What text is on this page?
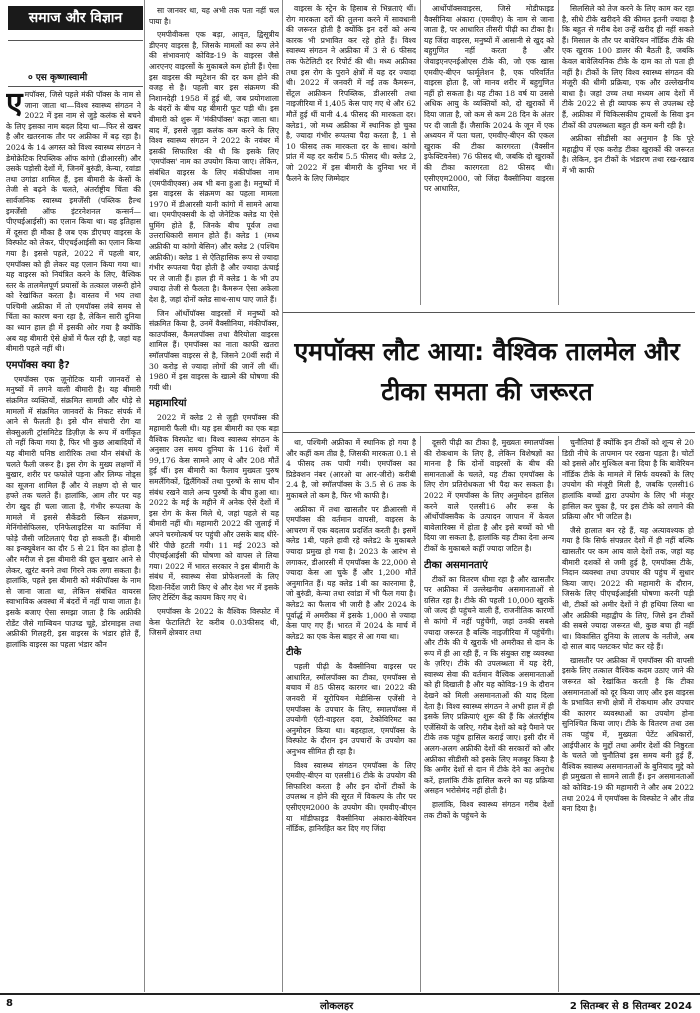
समाज और विज्ञान
० एस कृष्णास्वामी

एमपॉक्स, जिसे पहले मंकी पॉक्स के नाम से जाना जाता था—विश्व स्वास्थ्य संगठन ने 2022 में इस नाम से जुड़े कलंक से बचने के लिए इसका नाम बदल दिया था—फिर से खबर है और खतरनाक तौर पर अफ्रीका में बढ़ रहा है। 2024 के 14 अगस्त को विश्व स्वास्थ्य संगठन ने डेमोक्रेटिक रिपब्लिक ऑफ कांगो (डीआरसी) और उसके पड़ोसी देशों में, जिनमें बुरुंडी, केन्या, रवांडा तथा उगांडा शामिल हैं, इस बीमारी के केसों के तेजी से बढ़ने के चलते, अंतर्राष्ट्रीय चिंता की सार्वजनिक स्वास्थ्य इमर्जेंसी (पब्लिक हैल्थ इमर्जेंसी ऑफ इंटरनेशनल कन्सर्न—पीएचईआईसी) का एलान किया था। यह इतिहास में दूसरा ही मौका है जब एक डीएचए वाइरस के विस्फोट को लेकर, पीएचईआईसी का एलान किया गया है। इससे पहले, 2022 में पहली बार, एमपॉक्स को ही लेकर यह एलान किया गया था। यह वाइरस को नियंत्रित करने के लिए, वैश्विक स्तर के तालमेलपूर्ण प्रयासों के तत्काल जरूरी होने को रेखांकित करता है। वास्तव में भय तथा पश्चिमी अफ्रीका में तो एमपॉक्स लंबे समय से चिंता का कारण बना रहा है, लेकिन सारी दुनिया का ध्यान हाल ही में इसकी ओर गया है क्योंकि अब यह बीमारी ऐसे क्षेत्रों में फैल रही है, जहां यह बीमारी पहले नहीं थी।

एमपॉक्स क्या है?

एमपॉक्स एक ज़ूनोटिक यानी जानवरों से मनुष्यों में लगने वाली बीमारी है। यह बीमारी संक्रमित व्यक्तियों, संक्रमित सामग्री और थोड़े से मामलों में संक्रमित जानवरों के निकट संपर्क में आने से फैलती है। इसे यौन संचारी रोग या सेक्सुअली ट्रांसमिटेड डिज़ीज़ के रूप में वर्गीकृत तो नहीं किया गया है, फिर भी कुछ आबादियों में यह बीमारी घनिष्ठ शारीरिक तथा यौन संबंधों के चलते फैली जरूर है। इस रोग के मुख्य लक्षणों में बुखार, शरीर पर फफोले पड़ना और लिम्फ नोड्स का सूजना शामिल हैं और ये लक्षण दो से चार हफ्ते तक चलते हैं। हालांकि, आम तौर पर यह रोग खुद ही चला जाता है, गंभीर रूपतया के मामले में इससे सैकेंडरी स्किन संक्रमण, मेनिंगोसेफिलस, एनिफेलाइटिस या कार्निया में फोड़े जैसी जटिलताएं पैदा हो सकती हैं। बीमारी का इन्क्यूबेशन का दौर 5 से 21 दिन का होता है और मरीज से इस बीमारी की छूत बुखार आने से लेकर, खुरंट बनने तथा गिरने तक लगा सकता है। हालांकि, पहले इस बीमारी को मंकीपॉक्स के नाम से जाना जाता था, लेकिन संबंधित वायरस स्वाभाविक अवस्था में बंदरों में नहीं पाया जाता है। इसके बजाए ऐसा समझा जाता है कि अफ्रीकी रोडेंट जैसे गाम्बियन पाउच्ड चूहे, डोरमाइस तथा अफ्रीकी गिलहरी, इस वाइरस के भंडार होते हैं, हालांकि वाइरस का पहला भंडार कौन

सा जानवर था, यह अभी तक पता नहीं चल पाया है।

एमपीवीकस एक बड़ा, आवृत, द्विसूत्रीय डीएनए वाइरस है, जिसके मामलों का रूप लेने की संभावनाएं कोविड-19 के वाइरस जैसे आरएनए वाइरसों के मुकाबले कम होती हैं। ऐसा इस वाइरस की म्यूटेशन की दर कम होने की वजह से है। पहली बार इस संक्रमण की निशानदेही 1958 में हुई थी, जब प्रयोगशाला के बंदरों के बीच यह बीमारी फूट पड़ी थी। इस बीमारी को शुरू में 'मंकीपॉक्स' कहा जाता था। बाद में, इससे जुड़ा कलंक कम करने के लिए विश्व स्वास्थ्य संगठन ने 2022 के नवंबर में इसकी सिफारिश की थी कि इसके लिए 'एमपॉक्स' नाम का उपयोग किया जाए। लेकिन, संबंधित वाइरस के लिए मंकीपॉक्स नाम (एमपीवीएक्स) अब भी बना हुआ है। मनुष्यों में इस वाइरस के संक्रमण का पहला मामला 1970 में डीआरसी यानी कांगो में सामने आया था। एमपीएक्सवी के दो जेनेटिक क्लेड या ऐसे घुमिंग होते हैं, जिनके बीच पूर्वज तथा उत्तराधिकारी समान होते हैं। क्लेड 1 (मध्य अफ्रीकी या कांगो बेसिन) और क्लेड 2 (पश्चिम अफ्रीकी)। क्लेड 1 से ऐतिहासिक रूप से ज्यादा गंभीर रूपतया पैदा होती है और ज्यादा ऊंचाई पर ले जाती हैं। हाल ही में क्लेड 1 के भी उप ज्यादा तेजी से फैलता है। कैमरून ऐसा अकेला देश है, जहां दोनों क्लेड साथ-साथ पाए जाते हैं।

जिन ऑर्थोपॉक्स वाइरसों में मनुष्यों को संक्रमित किया है, उनमें वैक्सीनिया, मंकीपॉक्स, काउपॉक्स, कैमलपॉक्स तथा वैरियोला वाइरस शामिल हैं। एमपॉक्स का नाता काफी खतरा स्मॉलपॉक्स वाइरस से है, जिसने 20वीं सदी में 30 करोड़ से ज्यादा लोगों की जानें ली थीं। 1980 में इस वाइरस के खात्मे की घोषणा की गयी थी।

महामारियां

2022 में क्लेड 2 से जुड़ी एमपॉक्स की महामारी फैली थी। यह इस बीमारी का एक बड़ा वैश्विक विस्फोट था। विश्व स्वास्थ्य संगठन के अनुसार उस समय दुनिया के 116 देशों में 99,176 केस सामने आए थे और 208 मौतें हुई थीं। इस बीमारी का फैलाव मुख्यतः पुरुष समलैंगिकों, द्विलैंगिकों तथा पुरुषों के साथ यौन संबंध रखने वाले अन्य पुरुषों के बीच हुआ था। 2022 के मई के महीने में अनेक ऐसे देशों में इस रोग के केस मिले थे, जहां पहले से यह बीमारी नहीं थी। महामारी 2022 की जुलाई में अपने चरमोत्कर्ष पर पहुंची और उसके बाद धीरे-धीरे पीछे हटती गयी। 11 मई 2023 को पीएचईआईसी की घोषणा को वापस ले लिया गया। 2022 में भारत सरकार ने इस बीमारी के संबंध में, स्वास्थ्य सेवा प्रोफेशनलों के लिए दिशा-निर्देश जारी किए थे और देश भर में इसके लिए टेस्टिंग केंद्र कायम किए गए थे।

एमपॉक्स के 2022 के वैश्विक विस्फोट में केस फेटालिटी रेट करीब 0.03फीसद थी, जिसमें क्षेत्रवार तथा

वाइरस के स्ट्रेन के हिसाब से भिन्नताएं थीं। रोग मारकता दरों की तुलना करने में सावधानी की जरूरत होती है क्योंकि इन दरों को अन्य कारक भी प्रभावित कर रहे होते हैं। विश्व स्वास्थ्य संगठन ने अफ्रीका में 3 से 6 फीसद तक फेटेलिटी दर रिपोर्ट की थी। मध्य अफ्रीका तथा इस रोग के पुराने क्षेत्रों में यह दर ज्यादा थी। 2022 में जनवरी में नई तक कैमरून, सेंट्रल अफ्रीकन रिपब्लिक, डीआरसी तथा नाइजीरिया में 1,405 केस पाए गए थे और 62 मौतें हुई थीं यानी 4.4 फीसद की मारकता दर। क्लेड1, जो मध्य अफ्रीका में स्थानिक हो चुका है, ज्यादा गंभीर रूपतया पैदा करता है, 1 से 10 फीसद तक मारकता दर के साथ। कांगो प्रांत में यह दर करीब 5.5 फीसद थी। क्लेड 2, जो 2022 में इस बीमारी के दुनिया भर में फैलने के लिए जिम्मेदार

आर्थोपॉक्सवाइरस, जिसे मोडीफाइड वैक्सीनिया अंकारा (एमवीए) के नाम से जाना जाता है, पर आधारित तीसरी पीढ़ी का टीका है। यह जिंदा वाइरस, मनुष्यों में आसानी से खुद को बहुगुणित नहीं करता है और जेवाइएनएनईओएस टीके की, जो एक खास एमवीए-बीएन फार्मूलेशन है, एक परिवर्तित वाइरस होता है, जो मानव शरीर में बहुगुणित नहीं हो सकता है। यह टीका 18 वर्ष या उससे अधिक आयु के व्यक्तियों को, दो खुराकों में दिया जाता है, जो कम से कम 28 दिन के अंतर पर दी जाती हैं। जैसाकि 2024 के जून में एक अध्ययन में पता चला, एमवीए-बीएन की एकल खुराक की टीका कारगरता (वैक्सीन इफेक्टिवनेस) 76 फीसद थी, जबकि दो खुराकों की टीका कारगरता 82 फीसद थी। एसीएएम2000, जो जिंदा वैक्सीनिया वाइरस पर आधारित,

सिलसिले को तेज करने के लिए काम कर रहा है, सीधे टीके खरीदने की कीमत इतनी ज्यादा है कि बहुत से गरीब देश उन्हें खरीद ही नहीं सकते हैं। मिसाल के तौर पर बावेरियन नॉर्डिक टीके की एक खुराक 100 डालर की बैठती है, जबकि केवल बावेलियनिक टीके के दाम का तो पता ही नहीं है। टीकों के लिए विश्व स्वास्थ्य संगठन की मंजूरी की धीमी प्रक्रिया, एक और उल्लेखनीय बाधा है। जहां उच्च तथा मध्यम आय देशों में टीके 2022 से ही व्यापक रूप से उपलब्ध रहे हैं, अफ्रीका में चिकित्सकीय ट्रायलों के सिवा इन टीकों की उपलब्धता बहुत ही कम बनी रही है।

अफ्रीका सीडीसी का अनुमान है कि पूरे महाद्वीप में एक करोड़ टीका खुराकों की जरूरत है। लेकिन, इन टीकों के भंडारण तथा रख-रखाव में भी काफी

एमपॉक्स लौट आया: वैश्विक तालमेल और टीका समता की जरूरत

था, पश्चिमी अफ्रीका में स्थानिक हो गया है और कहीं कम तीव्र है, जिसकी मारकता 0.1 से 4 फीसद तक पायी गयी। एमपॉक्स का प्रिडेक्शन नंबर (आरओ या आर-जीरो) करीबी 2.4 है, जो स्मॉलपॉक्स के 3.5 से 6 तक के मुकाबले तो कम है, फिर भी काफी है।

अफ्रीका में तथा खासतौर पर डीआरसी में एमपॉक्स की वर्तमान वापसी, वाइरस के आचरण में एक बदलाव प्रदर्शित करती है। इसमें क्लेड 1बी, पहले हावी रहे क्लेड2 के मुकाबले ज्यादा प्रमुख हो गया है। 2023 के आरंभ से लगाकर, डीआरसी में एमपॉक्स के 22,000 से ज्यादा केस आ चुके हैं और 1,200 मौतें अनुमानित हैं। यह क्लेड 1बी का कारनामा है, जो बुरुंडी, केन्या तथा रवांडा में भी फैल गया है। क्लेड2 का फैलाव भी जारी है और 2024 के पूर्वार्द्ध में अमरीका में इसके 1,000 से ज्यादा केस पाए गए हैं। भारत में 2024 के मार्च में क्लेड2 का एक केस बाहर से आ गया था।

टीके

पहली पीढ़ी के वैक्सीनिया वाइरस पर आधारित, स्मॉलपॉक्स का टीका, एमपॉक्स से बचाव में 85 फीसद कारगर था। 2022 की जनवरी में यूरोपियन मेडीसिन्स एजेंसी ने एमपॉक्स के उपचार के लिए, स्मालपॉक्स में उपयोगी एंटी-वाइरल दवा, टेकोविरिमट का अनुमोदन किया था। बहरहाल, एमपॉक्स के विस्फोट के दौरान इन उपचारों के उपयोग का अनुभव सीमित ही रहा है।

विश्व स्वास्थ्य संगठन एमपॉक्स के लिए एमवीए-बीएन या एलसी16 टीके के उपयोग की सिफारिश करता है और इन दोनों टीकों के उपलब्ध न होने की सूरत में विकल्प के तौर पर एसीएएम2000 के उपयोग की। एमवीए-बीएन या मॉडीफाइड वैक्सीनिया अंकारा-बेवेरियन नॉर्डिक, हानिरहित कर दिए गए जिंदा

दूसरी पीढ़ी का टीका है, मुख्यतः स्मालपॉक्स की रोकथाम के लिए है, लेकिन विशेषज्ञों का मानना है कि दोनों वाइरसों के बीच की समानताओं के चलते, यह टीका एमपॉक्स के लिए रोग प्रतिरोधकता भी पैदा कर सकता है। 2022 में एमपॉक्स के लिए अनुमोदन हासिल करने वाले एलसी16 और रूस के ऑर्थोपॉक्सवैक के उत्पादन जापान में केवल बावेलारिक्स में होता है और इसे बच्चों को भी दिया जा सकता है, हालांकि यह टीका देना अन्य टीकों के मुकाबले कहीं ज्यादा जटिल है।

टीका असमानताएं

टीकों का वितरण धीमा रहा है और खासतौर पर अफ्रीका में उल्लेखनीय असमानताओं से ग्रसित रहा है। टीके की पहली 10,000 खुराकें जो जल्द ही पहुंचने वाली हैं, राजनीतिक कारणों से कांगो में नहीं पहुंचेंगी, जहां उनकी सबसे ज्यादा जरूरत है बल्कि नाइजीरिया में पहुंचेंगी। और टीके की ये खुराकें भी अमरीका से दान के रूप में ही आ रही हैं, न कि संयुक्त राष्ट्र व्यवस्था के ज़रिए। टीके की उपलब्धता में यह देरी, स्वास्थ्य सेवा की वर्तमान वैश्विक असमानताओं को ही दिखाती है और यह कोविड-19 के दौरान देखने को मिली असमानताओं की याद दिला देता है। विश्व स्वास्थ्य संगठन ने अभी हाल में ही इसके लिए प्रक्रियाएं शुरू की हैं कि अंतर्राष्ट्रीय एजेंसियों के जरिए, गरीब देशों को बड़े पैमाने पर टीके तक पहुंच हासिल कराई जाए। इसी दौर में अलग-अलग अफ्रीकी देशों की सरकारों को और अफ्रीका सीडीसी को इसके लिए मजबूर किया है कि अमीर देशों से दान में टीके देने का अनुरोध करें, हालांकि टीके हासिल करने का यह प्रक्रिया असहन भरोसेमंद नहीं होती है।

हालांकि, विश्व स्वास्थ्य संगठन गरीब देशों तक टीकों के पहुंचने के

चुनौतियां हैं क्योंकि इन टीकों को शून्य से 20 डिग्री नीचे के तापमान पर रखना पड़ता है। चोटों को इससे और मुश्किल बना दिया है कि बावेरियन नॉर्डिक टीके के मामले में सिर्फ वयस्कों के लिए उपयोग की मंजूरी मिली है, जबकि एलसी16 हालांकि बच्चों द्वारा उपयोग के लिए भी मंजूर हासिल कर चुका है, पर इस टीके को लगाने की प्रक्रिया और भी जटिल है।

जैसे हालात बन रहे हैं, यह अत्यावश्यक हो गया है कि सिर्फ संपन्नतर देशों में ही नहीं बल्कि खासतौर पर कम आय वाले देशों तक, जहां यह बीमारी दशकों से जमी हुई है, एमपॉक्स टीके, निदान व्यवस्था तथा उपचार की पहुंच में सुधार किया जाए। 2022 की महामारी के दौरान, जिसके लिए पीएचईआईसी घोषणा करनी पड़ी थी, टीकों को अमीर देशों ने ही हथिया लिया था और अफ्रीकी महाद्वीप के लिए, जिसे इन टीकों की सबसे ज्यादा जरूरत थी, कुछ बचा ही नहीं था। विकासित दुनिया के लालच के नतीजे, अब दो साल बाद पलटकर चोट कर रहे हैं।

खासतौर पर अफ्रीका में एमपॉक्स की वापसी इसके लिए तत्काल वैश्विक कदम उठाए जाने की जरूरत को रेखांकित करती है कि टीका असमानताओं को दूर किया जाए और इस वाइरस के प्रभावित सभी क्षेत्रों में रोकथाम और उपचार की कारगर व्यवस्थाओं का उपयोग होना सुनिश्चित किया जाए। टीके के वितरण तथा उस तक पहुंच में, मुख्यतः पेटेंट अधिकारों, आईपीआर के मुद्दों तथा अमीर देशों की निष्ठुरता के चलते जो चुनौतियां इस समय बनी हुई हैं, वैश्विक स्वास्थ्य असमानताओं के बुनियाद मुद्दे को ही प्रमुखता से सामने लाती हैं। इन असमानताओं को कोविड-19 की महामारी ने और अब 2022 तथा 2024 में एमपॉक्स के विस्फोट ने और तीव्र बना दिया है।

8	लोकलहर	2 सितम्बर से 8 सितम्बर 2024
